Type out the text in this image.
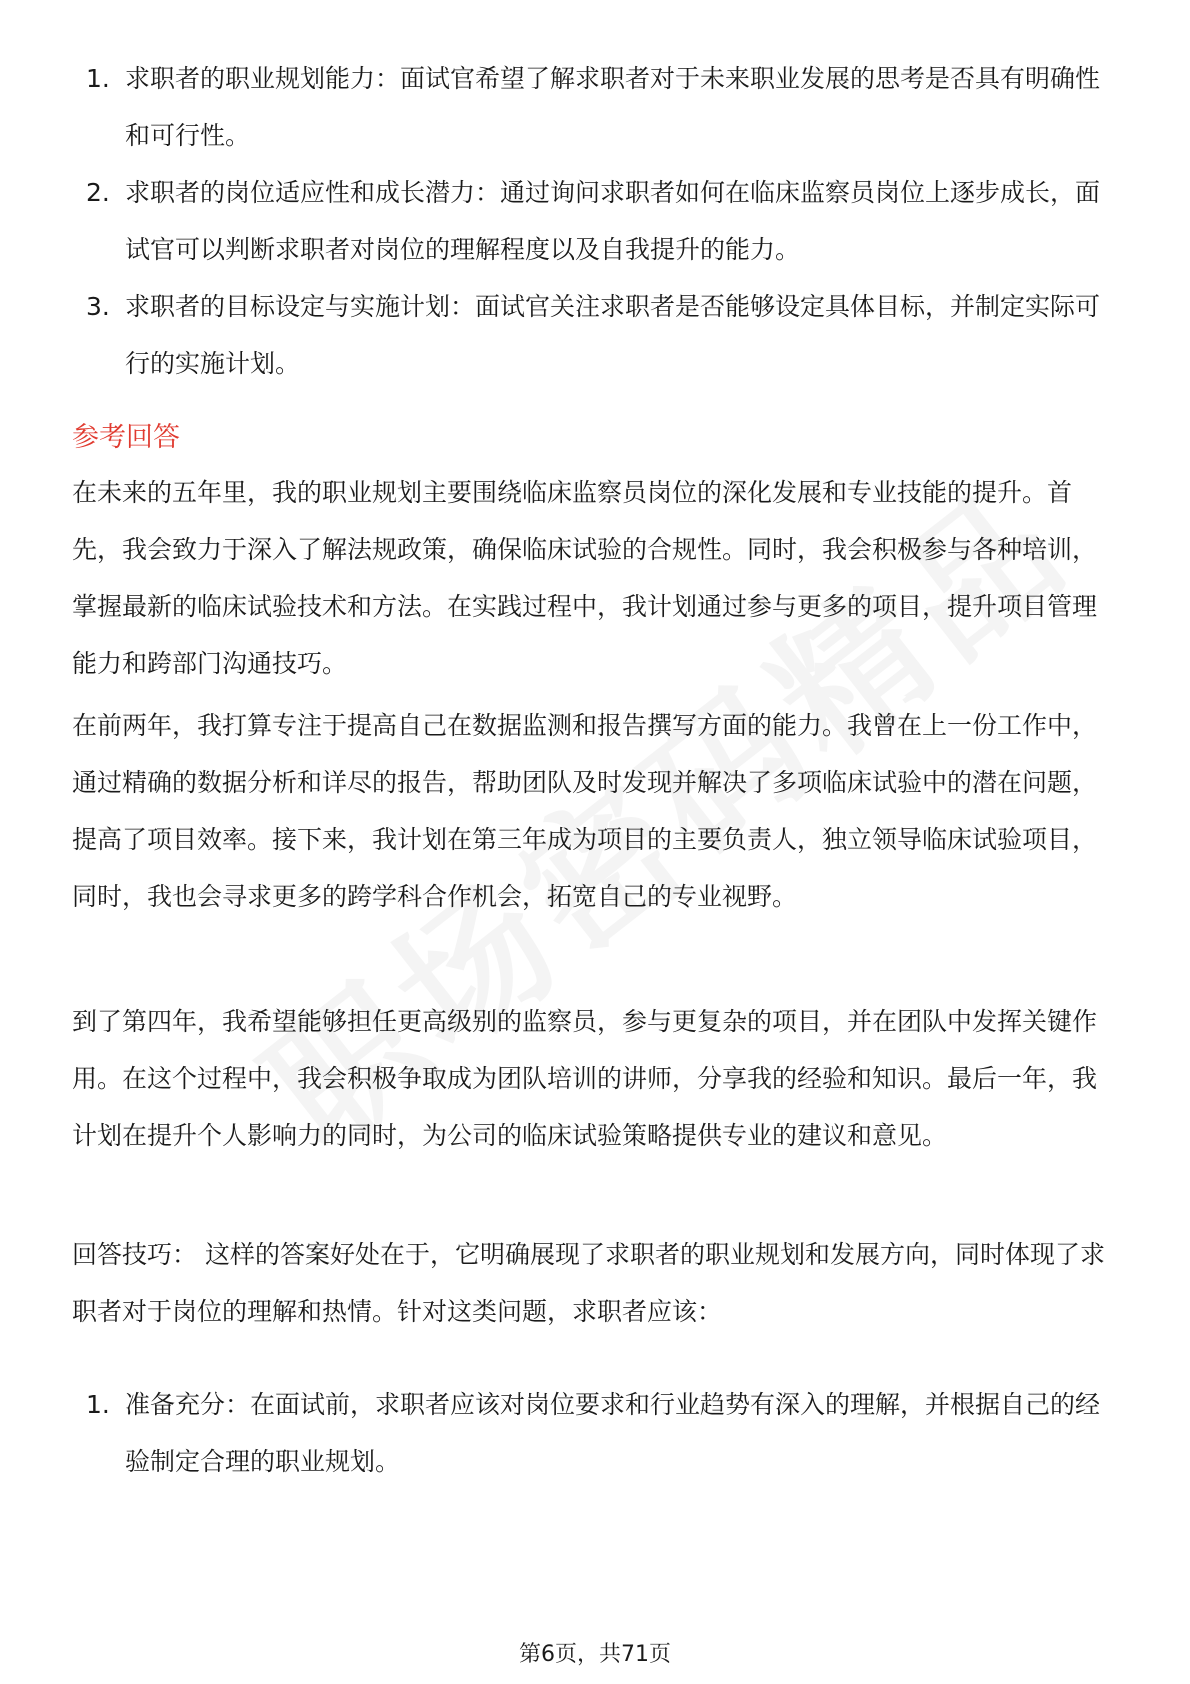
1. 求职者的职业规划能力：面试官希望了解求职者对于未来职业发展的思考是否具有明确性和可行性。
2. 求职者的岗位适应性和成长潜力：通过询问求职者如何在临床监察员岗位上逐步成长，面试官可以判断求职者对岗位的理解程度以及自我提升的能力。
3. 求职者的目标设定与实施计划：面试官关注求职者是否能够设定具体目标，并制定实际可行的实施计划。
参考回答

在未来的五年里，我的职业规划主要围绕临床监察员岗位的深化发展和专业技能的提升。首先，我会致力于深入了解法规政策，确保临床试验的合规性。同时，我会积极参与各种培训，掌握最新的临床试验技术和方法。在实践过程中，我计划通过参与更多的项目，提升项目管理能力和跨部门沟通技巧。

在前两年，我打算专注于提高自己在数据监测和报告撰写方面的能力。我曾在上一份工作中，通过精确的数据分析和详尽的报告，帮助团队及时发现并解决了多项临床试验中的潜在问题，提高了项目效率。接下来，我计划在第三年成为项目的主要负责人，独立领导临床试验项目，同时，我也会寻求更多的跨学科合作机会，拓宽自己的专业视野。

到了第四年，我希望能够担任更高级别的监察员，参与更复杂的项目，并在团队中发挥关键作用。在这个过程中，我会积极争取成为团队培训的讲师，分享我的经验和知识。最后一年，我计划在提升个人影响力的同时，为公司的临床试验策略提供专业的建议和意见。

回答技巧： 这样的答案好处在于，它明确展现了求职者的职业规划和发展方向，同时体现了求职者对于岗位的理解和热情。针对这类问题，求职者应该：

1. 准备充分：在面试前，求职者应该对岗位要求和行业趋势有深入的理解，并根据自己的经验制定合理的职业规划。
第6页，共71页
